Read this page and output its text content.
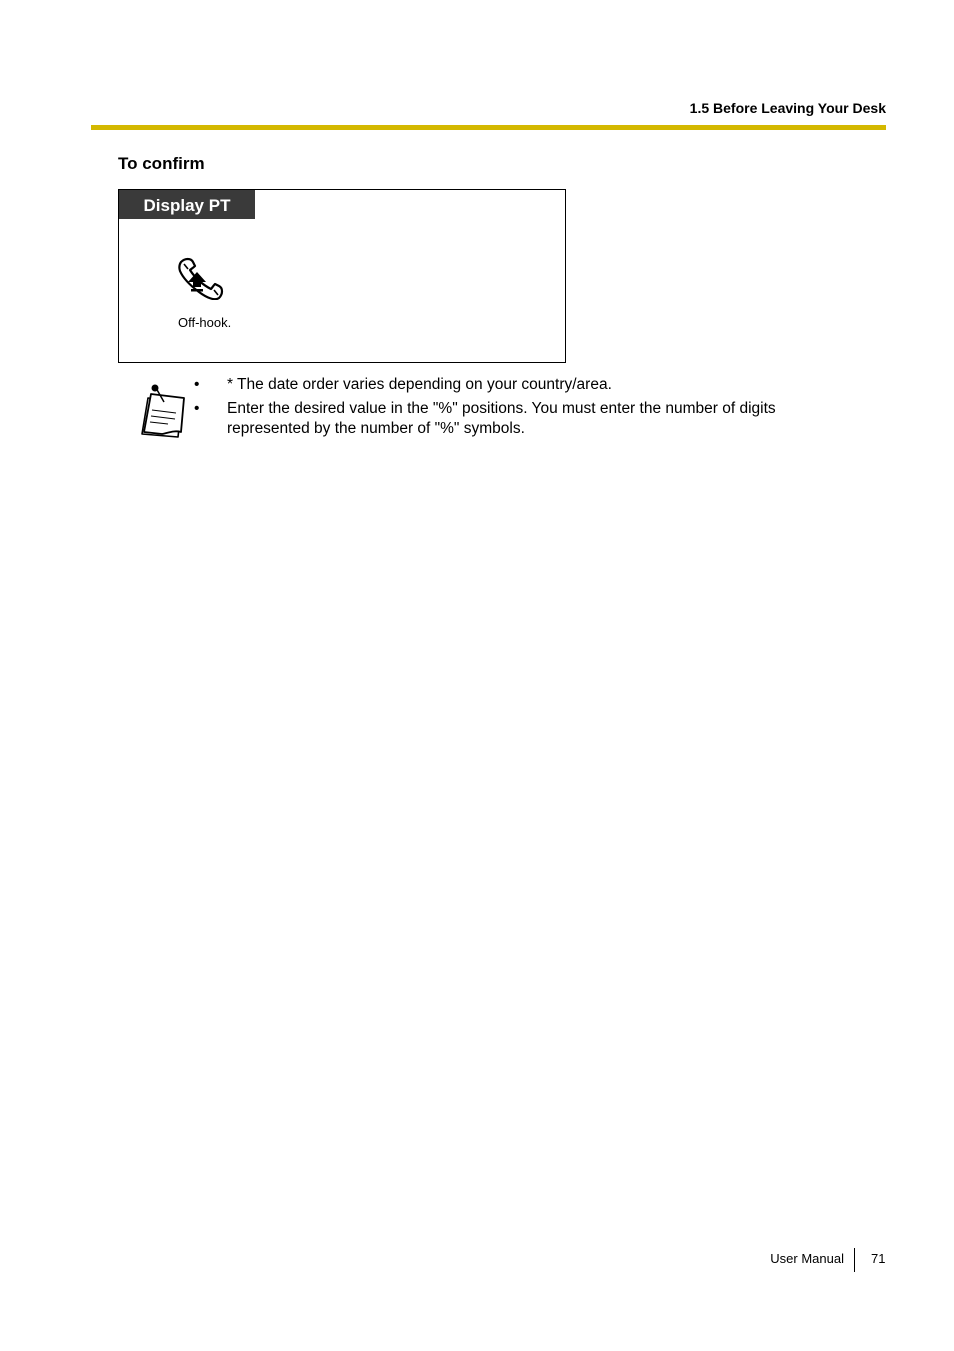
1.5 Before Leaving Your Desk
To confirm
Display PT
Off-hook.
• * The date order varies depending on your country/area.
• Enter the desired value in the "%" positions. You must enter the number of digits represented by the number of "%" symbols.
User Manual 71
